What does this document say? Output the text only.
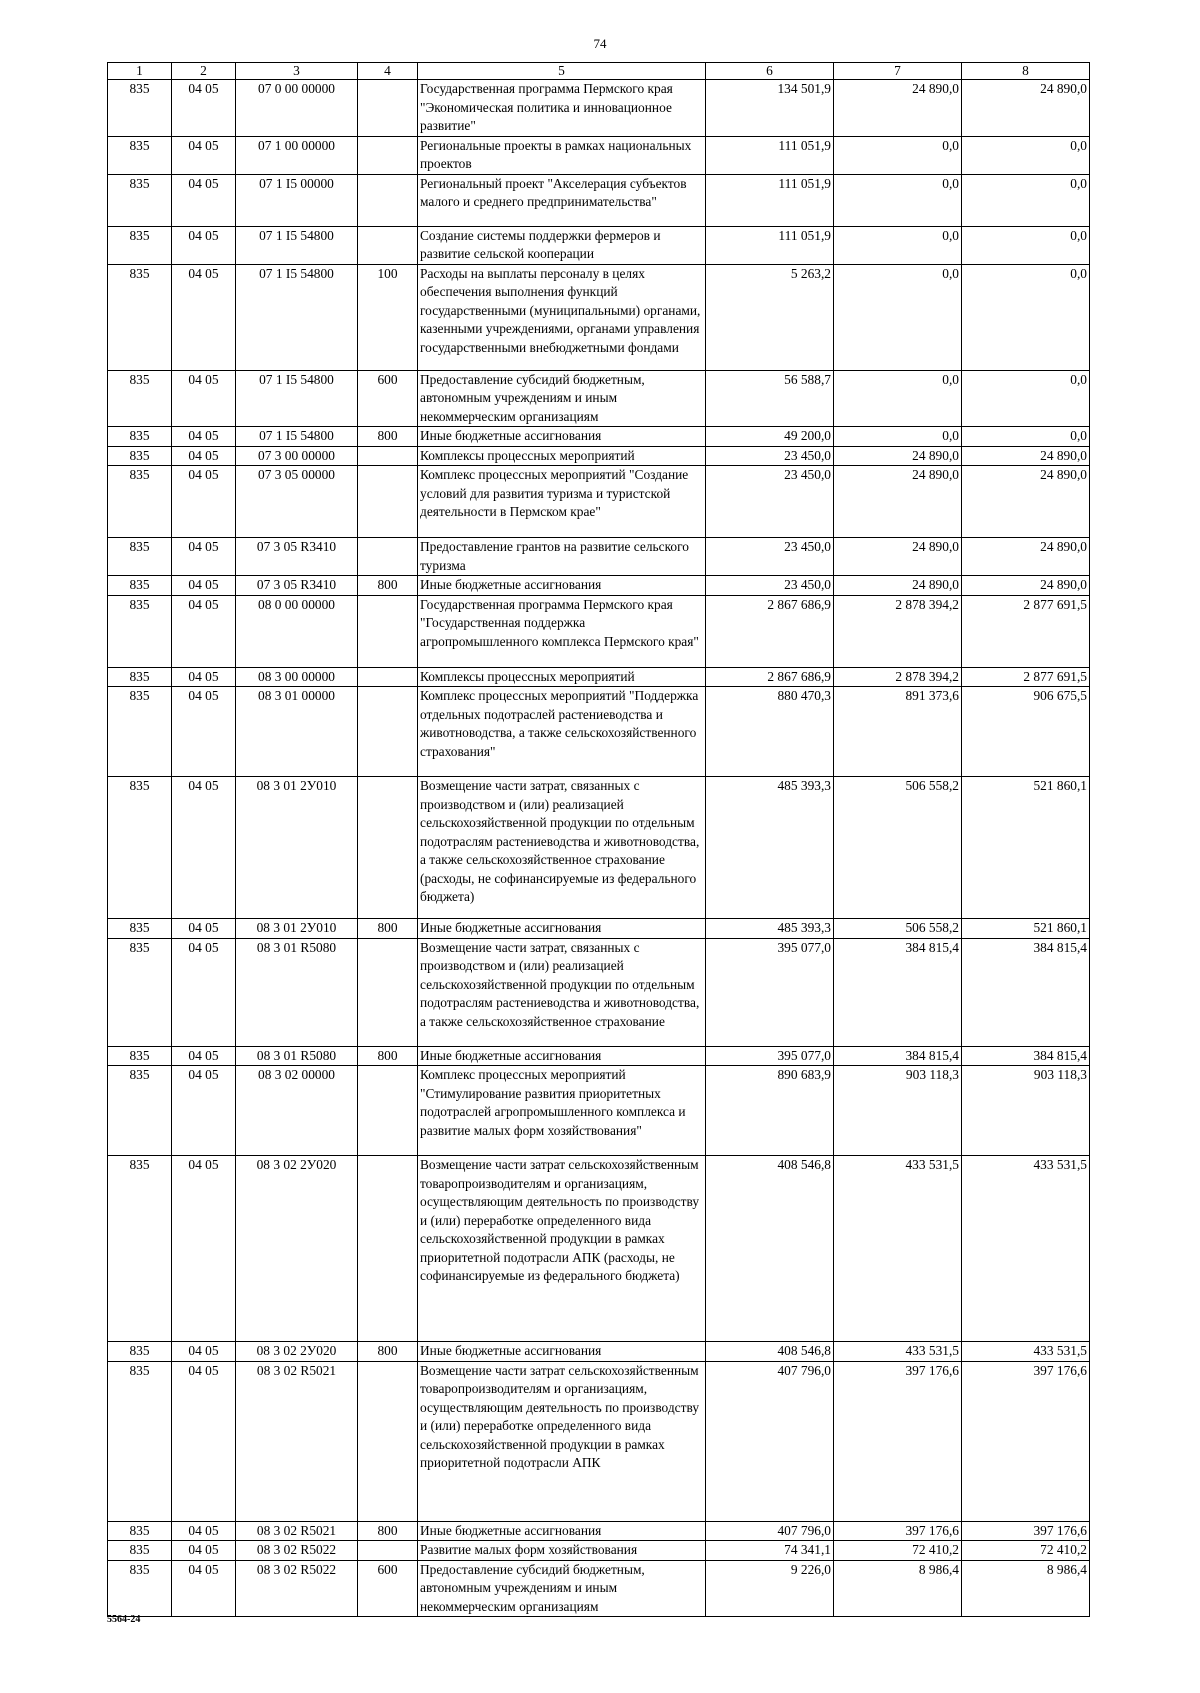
74
1	2	3	4	5	6	7	8
835	04 05	07 0 00 00000		Государственная программа Пермского края "Экономическая политика и инновационное развитие"	134 501,9	24 890,0	24 890,0
835	04 05	07 1 00 00000		Региональные проекты в рамках национальных проектов	111 051,9	0,0	0,0
835	04 05	07 1 I5 00000		Региональный проект "Акселерация субъектов малого и среднего предпринимательства"	111 051,9	0,0	0,0
835	04 05	07 1 I5 54800		Создание системы поддержки фермеров и развитие сельской кооперации	111 051,9	0,0	0,0
835	04 05	07 1 I5 54800	100	Расходы на выплаты персоналу в целях обеспечения выполнения функций государственными (муниципальными) органами, казенными учреждениями, органами управления государственными внебюджетными фондами	5 263,2	0,0	0,0
835	04 05	07 1 I5 54800	600	Предоставление субсидий бюджетным, автономным учреждениям и иным некоммерческим организациям	56 588,7	0,0	0,0
835	04 05	07 1 I5 54800	800	Иные бюджетные ассигнования	49 200,0	0,0	0,0
835	04 05	07 3 00 00000		Комплексы процессных мероприятий	23 450,0	24 890,0	24 890,0
835	04 05	07 3 05 00000		Комплекс процессных мероприятий "Создание условий для развития туризма и туристской деятельности в Пермском крае"	23 450,0	24 890,0	24 890,0
835	04 05	07 3 05 R3410		Предоставление грантов на развитие сельского туризма	23 450,0	24 890,0	24 890,0
835	04 05	07 3 05 R3410	800	Иные бюджетные ассигнования	23 450,0	24 890,0	24 890,0
835	04 05	08 0 00 00000		Государственная программа Пермского края "Государственная поддержка агропромышленного комплекса Пермского края"	2 867 686,9	2 878 394,2	2 877 691,5
835	04 05	08 3 00 00000		Комплексы процессных мероприятий	2 867 686,9	2 878 394,2	2 877 691,5
835	04 05	08 3 01 00000		Комплекс процессных мероприятий "Поддержка отдельных подотраслей растениеводства и животноводства, а также сельскохозяйственного страхования"	880 470,3	891 373,6	906 675,5
835	04 05	08 3 01 2У010		Возмещение части затрат, связанных с производством и (или) реализацией сельскохозяйственной продукции по отдельным подотраслям растениеводства и животноводства, а также сельскохозяйственное страхование (расходы, не софинансируемые из федерального бюджета)	485 393,3	506 558,2	521 860,1
835	04 05	08 3 01 2У010	800	Иные бюджетные ассигнования	485 393,3	506 558,2	521 860,1
835	04 05	08 3 01 R5080		Возмещение части затрат, связанных с производством и (или) реализацией сельскохозяйственной продукции по отдельным подотраслям растениеводства и животноводства, а также сельскохозяйственное страхование	395 077,0	384 815,4	384 815,4
835	04 05	08 3 01 R5080	800	Иные бюджетные ассигнования	395 077,0	384 815,4	384 815,4
835	04 05	08 3 02 00000		Комплекс процессных мероприятий "Стимулирование развития приоритетных подотраслей агропромышленного комплекса и развитие малых форм хозяйствования"	890 683,9	903 118,3	903 118,3
835	04 05	08 3 02 2У020		Возмещение части затрат сельскохозяйственным товаропроизводителям и организациям, осуществляющим деятельность по производству и (или) переработке определенного вида сельскохозяйственной продукции в рамках приоритетной подотрасли АПК (расходы, не софинансируемые из федерального бюджета)	408 546,8	433 531,5	433 531,5
835	04 05	08 3 02 2У020	800	Иные бюджетные ассигнования	408 546,8	433 531,5	433 531,5
835	04 05	08 3 02 R5021		Возмещение части затрат сельскохозяйственным товаропроизводителям и организациям, осуществляющим деятельность по производству и (или) переработке определенного вида сельскохозяйственной продукции в рамках приоритетной подотрасли АПК	407 796,0	397 176,6	397 176,6
835	04 05	08 3 02 R5021	800	Иные бюджетные ассигнования	407 796,0	397 176,6	397 176,6
835	04 05	08 3 02 R5022		Развитие малых форм хозяйствования	74 341,1	72 410,2	72 410,2
835	04 05	08 3 02 R5022	600	Предоставление субсидий бюджетным, автономным учреждениям и иным некоммерческим организациям	9 226,0	8 986,4	8 986,4
5564-24
